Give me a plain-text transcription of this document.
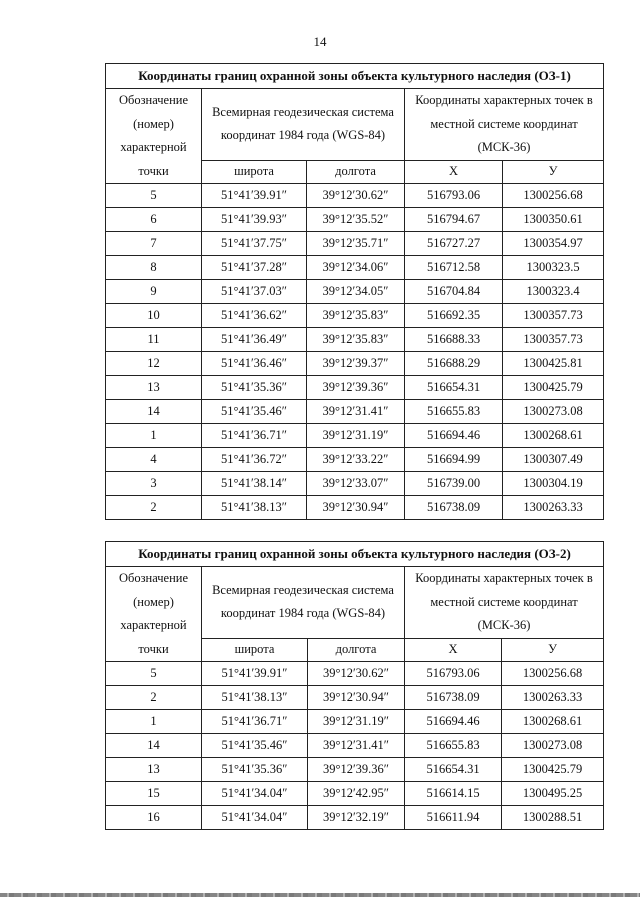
14
Координаты границ охранной зоны объекта культурного наследия (ОЗ-1)				
Обозначение (номер) характерной точки	Всемирная геодезическая система координат 1984 года (WGS-84)		Координаты характерных точек в местной системе координат (МСК-36)	
	широта	долгота	Х	У
5	51°41′39.91″	39°12′30.62″	516793.06	1300256.68
6	51°41′39.93″	39°12′35.52″	516794.67	1300350.61
7	51°41′37.75″	39°12′35.71″	516727.27	1300354.97
8	51°41′37.28″	39°12′34.06″	516712.58	1300323.5
9	51°41′37.03″	39°12′34.05″	516704.84	1300323.4
10	51°41′36.62″	39°12′35.83″	516692.35	1300357.73
11	51°41′36.49″	39°12′35.83″	516688.33	1300357.73
12	51°41′36.46″	39°12′39.37″	516688.29	1300425.81
13	51°41′35.36″	39°12′39.36″	516654.31	1300425.79
14	51°41′35.46″	39°12′31.41″	516655.83	1300273.08
1	51°41′36.71″	39°12′31.19″	516694.46	1300268.61
4	51°41′36.72″	39°12′33.22″	516694.99	1300307.49
3	51°41′38.14″	39°12′33.07″	516739.00	1300304.19
2	51°41′38.13″	39°12′30.94″	516738.09	1300263.33
Координаты границ охранной зоны объекта культурного наследия (ОЗ-2)				
Обозначение (номер) характерной точки	Всемирная геодезическая система координат 1984 года (WGS-84)		Координаты характерных точек в местной системе координат (МСК-36)	
	широта	долгота	Х	У
5	51°41′39.91″	39°12′30.62″	516793.06	1300256.68
2	51°41′38.13″	39°12′30.94″	516738.09	1300263.33
1	51°41′36.71″	39°12′31.19″	516694.46	1300268.61
14	51°41′35.46″	39°12′31.41″	516655.83	1300273.08
13	51°41′35.36″	39°12′39.36″	516654.31	1300425.79
15	51°41′34.04″	39°12′42.95″	516614.15	1300495.25
16	51°41′34.04″	39°12′32.19″	516611.94	1300288.51
